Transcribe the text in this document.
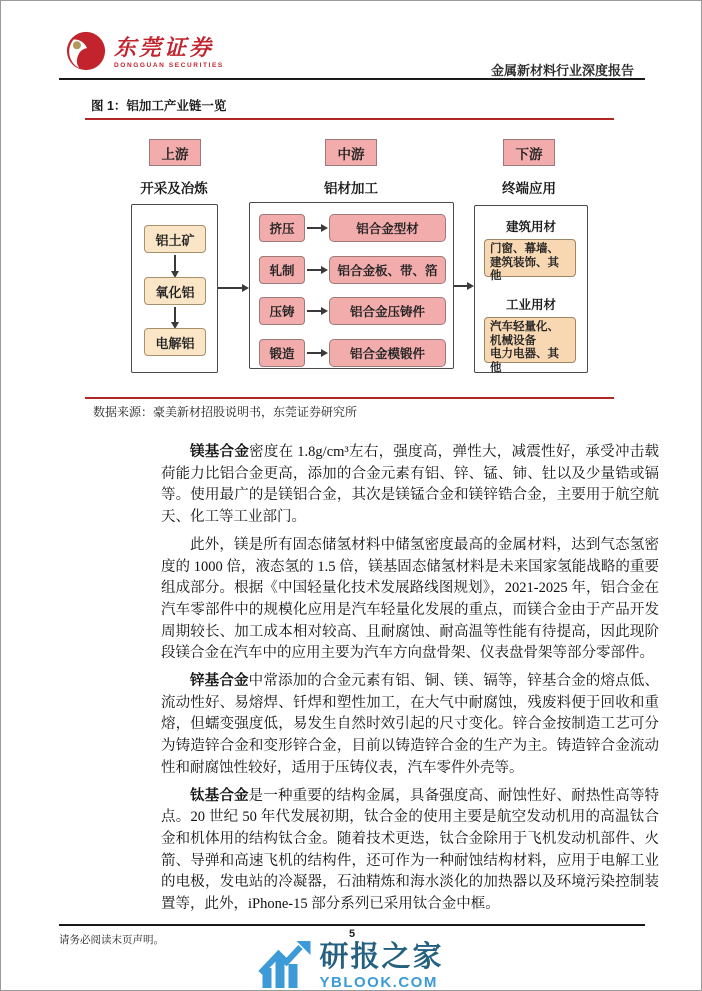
东莞证券
DONGGUAN SECURITIES	金属新材料行业深度报告
图 1：铝加工产业链一览
上游	中游	下游
开采及冶炼	铝材加工	终端应用
铝土矿
氧化铝
电解铝
挤压	铝合金型材
轧制	铝合金板、带、箔
压铸	铝合金压铸件
锻造	铝合金模锻件
建筑用材
门窗、幕墙、
建筑装饰、其他
工业用材
汽车轻量化、
机械设备
电力电器、其他
数据来源：豪美新材招股说明书，东莞证券研究所

镁基合金密度在 1.8g/cm³左右，强度高，弹性大，减震性好，承受冲击载荷能力比铝合金更高，添加的合金元素有铝、锌、锰、铈、钍以及少量锆或镉等。使用最广的是镁铝合金，其次是镁锰合金和镁锌锆合金，主要用于航空航天、化工等工业部门。

此外，镁是所有固态储氢材料中储氢密度最高的金属材料，达到气态氢密度的 1000 倍，液态氢的 1.5 倍，镁基固态储氢材料是未来国家氢能战略的重要组成部分。根据《中国轻量化技术发展路线图规划》，2021-2025 年，铝合金在汽车零部件中的规模化应用是汽车轻量化发展的重点，而镁合金由于产品开发周期较长、加工成本相对较高、且耐腐蚀、耐高温等性能有待提高，因此现阶段镁合金在汽车中的应用主要为汽车方向盘骨架、仪表盘骨架等部分零部件。

锌基合金中常添加的合金元素有铝、铜、镁、镉等，锌基合金的熔点低、流动性好、易熔焊、钎焊和塑性加工，在大气中耐腐蚀，残废料便于回收和重熔，但蠕变强度低，易发生自然时效引起的尺寸变化。锌合金按制造工艺可分为铸造锌合金和变形锌合金，目前以铸造锌合金的生产为主。铸造锌合金流动性和耐腐蚀性较好，适用于压铸仪表，汽车零件外壳等。

钛基合金是一种重要的结构金属，具备强度高、耐蚀性好、耐热性高等特点。20 世纪 50 年代发展初期，钛合金的使用主要是航空发动机用的高温钛合金和机体用的结构钛合金。随着技术更迭，钛合金除用于飞机发动机部件、火箭、导弹和高速飞机的结构件，还可作为一种耐蚀结构材料，应用于电解工业的电极，发电站的冷凝器，石油精炼和海水淡化的加热器以及环境污染控制装置等，此外，iPhone-15 部分系列已采用钛合金中框。

请务必阅读末页声明。	5
研报之家
YBLOOK.COM
